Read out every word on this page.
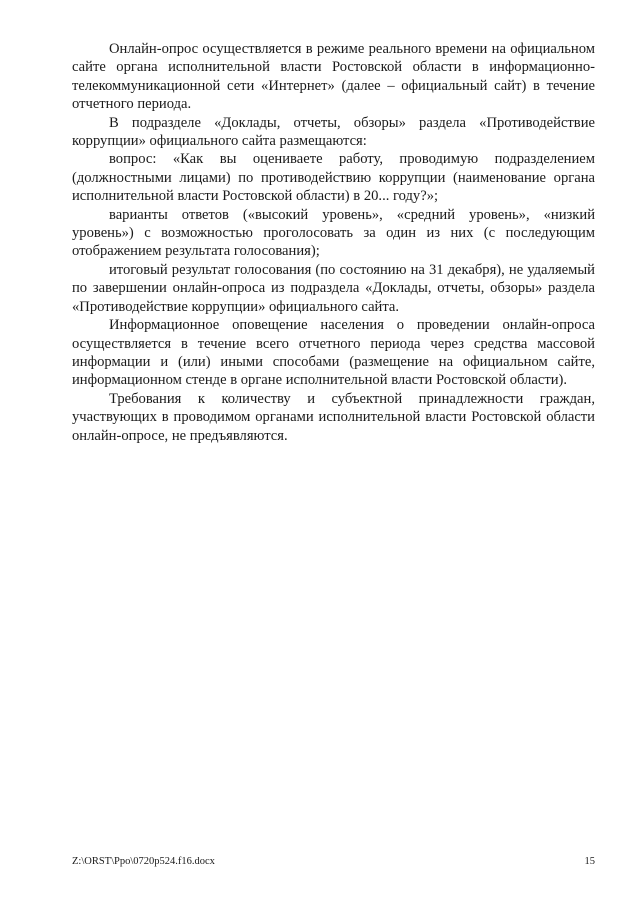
Онлайн-опрос осуществляется в режиме реального времени на официальном сайте органа исполнительной власти Ростовской области в информационно-телекоммуникационной сети «Интернет» (далее – официальный сайт) в течение отчетного периода.

В подразделе «Доклады, отчеты, обзоры» раздела «Противодействие коррупции» официального сайта размещаются:

вопрос: «Как вы оцениваете работу, проводимую подразделением (должностными лицами) по противодействию коррупции (наименование органа исполнительной власти Ростовской области) в 20... году?»;

варианты ответов («высокий уровень», «средний уровень», «низкий уровень») с возможностью проголосовать за один из них (с последующим отображением результата голосования);

итоговый результат голосования (по состоянию на 31 декабря), не удаляемый по завершении онлайн-опроса из подраздела «Доклады, отчеты, обзоры» раздела «Противодействие коррупции» официального сайта.

Информационное оповещение населения о проведении онлайн-опроса осуществляется в течение всего отчетного периода через средства массовой информации и (или) иными способами (размещение на официальном сайте, информационном стенде в органе исполнительной власти Ростовской области).

Требования к количеству и субъектной принадлежности граждан, участвующих в проводимом органами исполнительной власти Ростовской области онлайн-опросе, не предъявляются.

Z:\ORST\Ppo\0720p524.f16.docx	15
